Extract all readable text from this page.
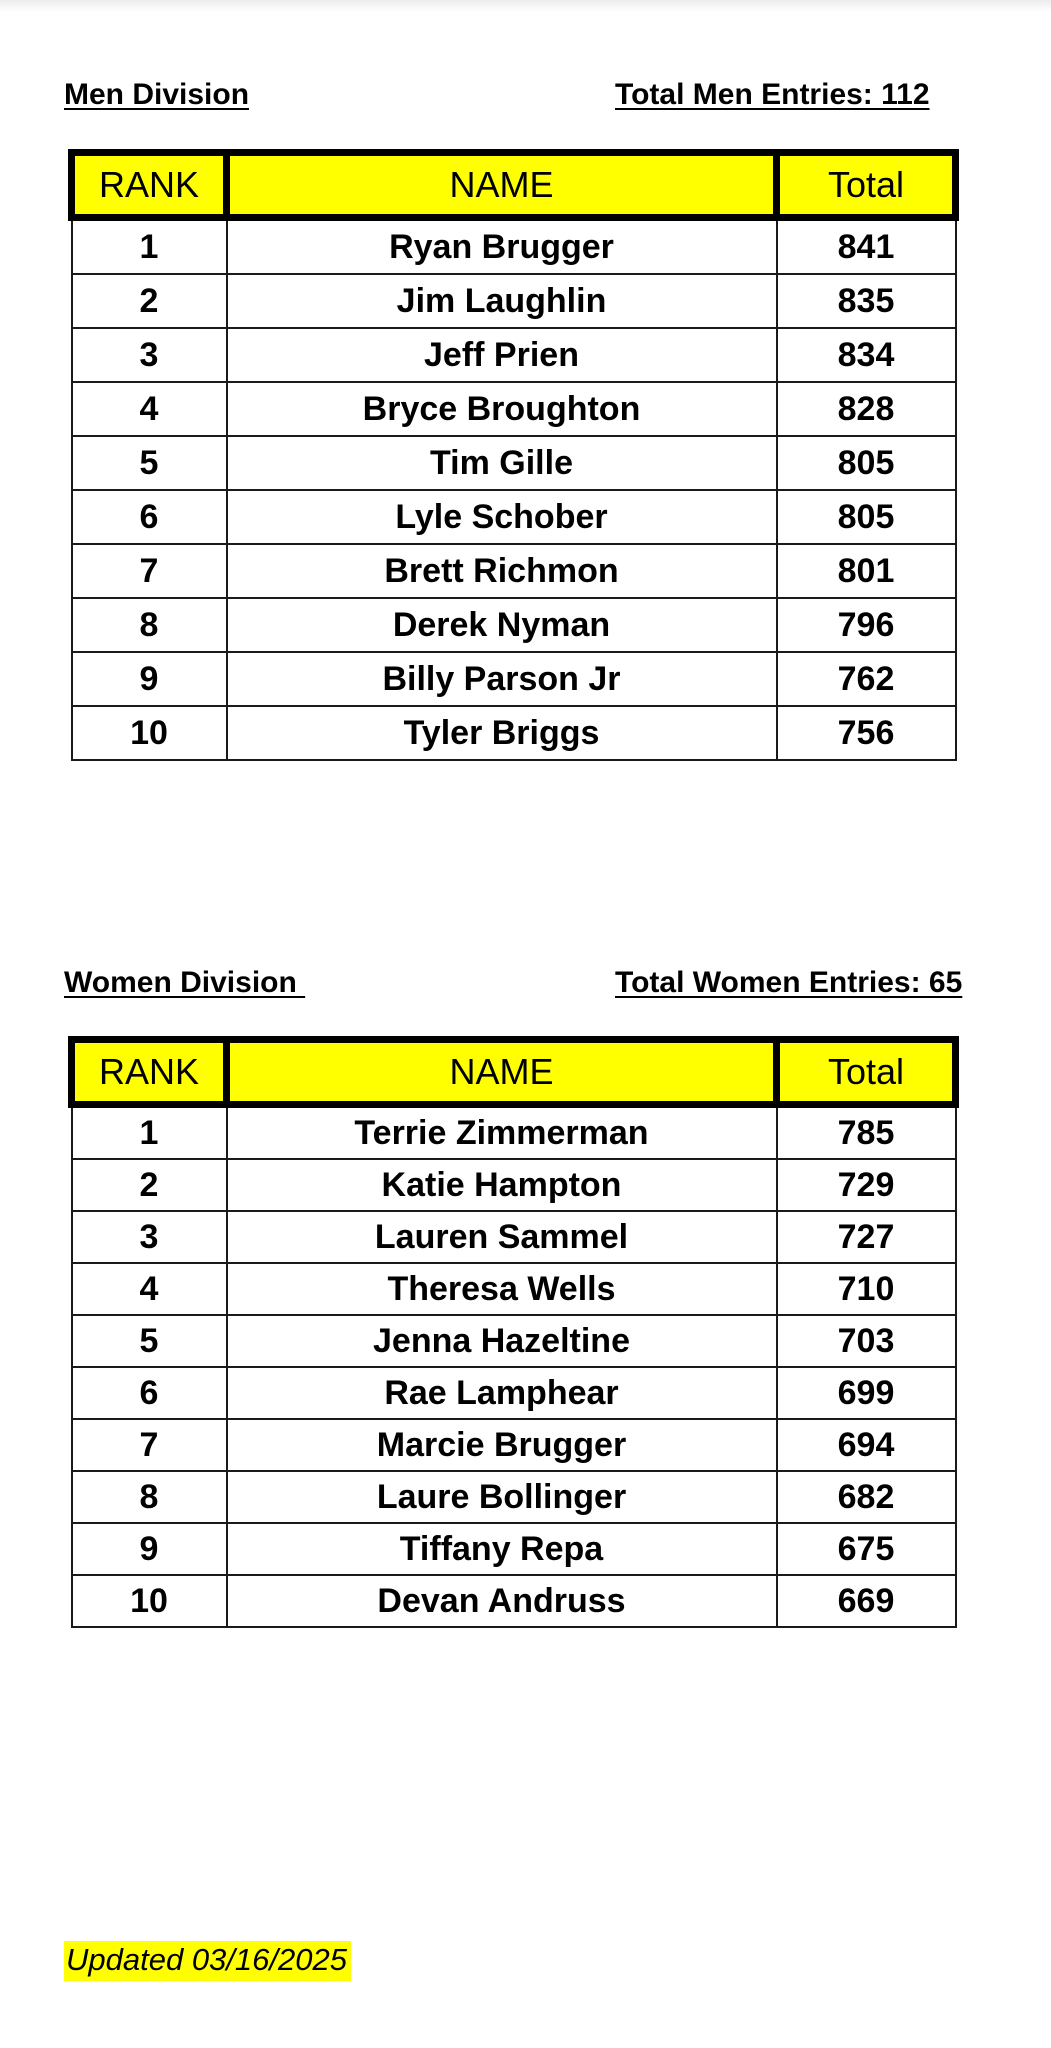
Men Division	Total Men Entries: 112
RANK	NAME	Total
1	Ryan Brugger	841
2	Jim Laughlin	835
3	Jeff Prien	834
4	Bryce Broughton	828
5	Tim Gille	805
6	Lyle Schober	805
7	Brett Richmon	801
8	Derek Nyman	796
9	Billy Parson Jr	762
10	Tyler Briggs	756
Women Division	Total Women Entries: 65
RANK	NAME	Total
1	Terrie Zimmerman	785
2	Katie Hampton	729
3	Lauren Sammel	727
4	Theresa Wells	710
5	Jenna Hazeltine	703
6	Rae Lamphear	699
7	Marcie Brugger	694
8	Laure Bollinger	682
9	Tiffany Repa	675
10	Devan Andruss	669
Updated 03/16/2025
